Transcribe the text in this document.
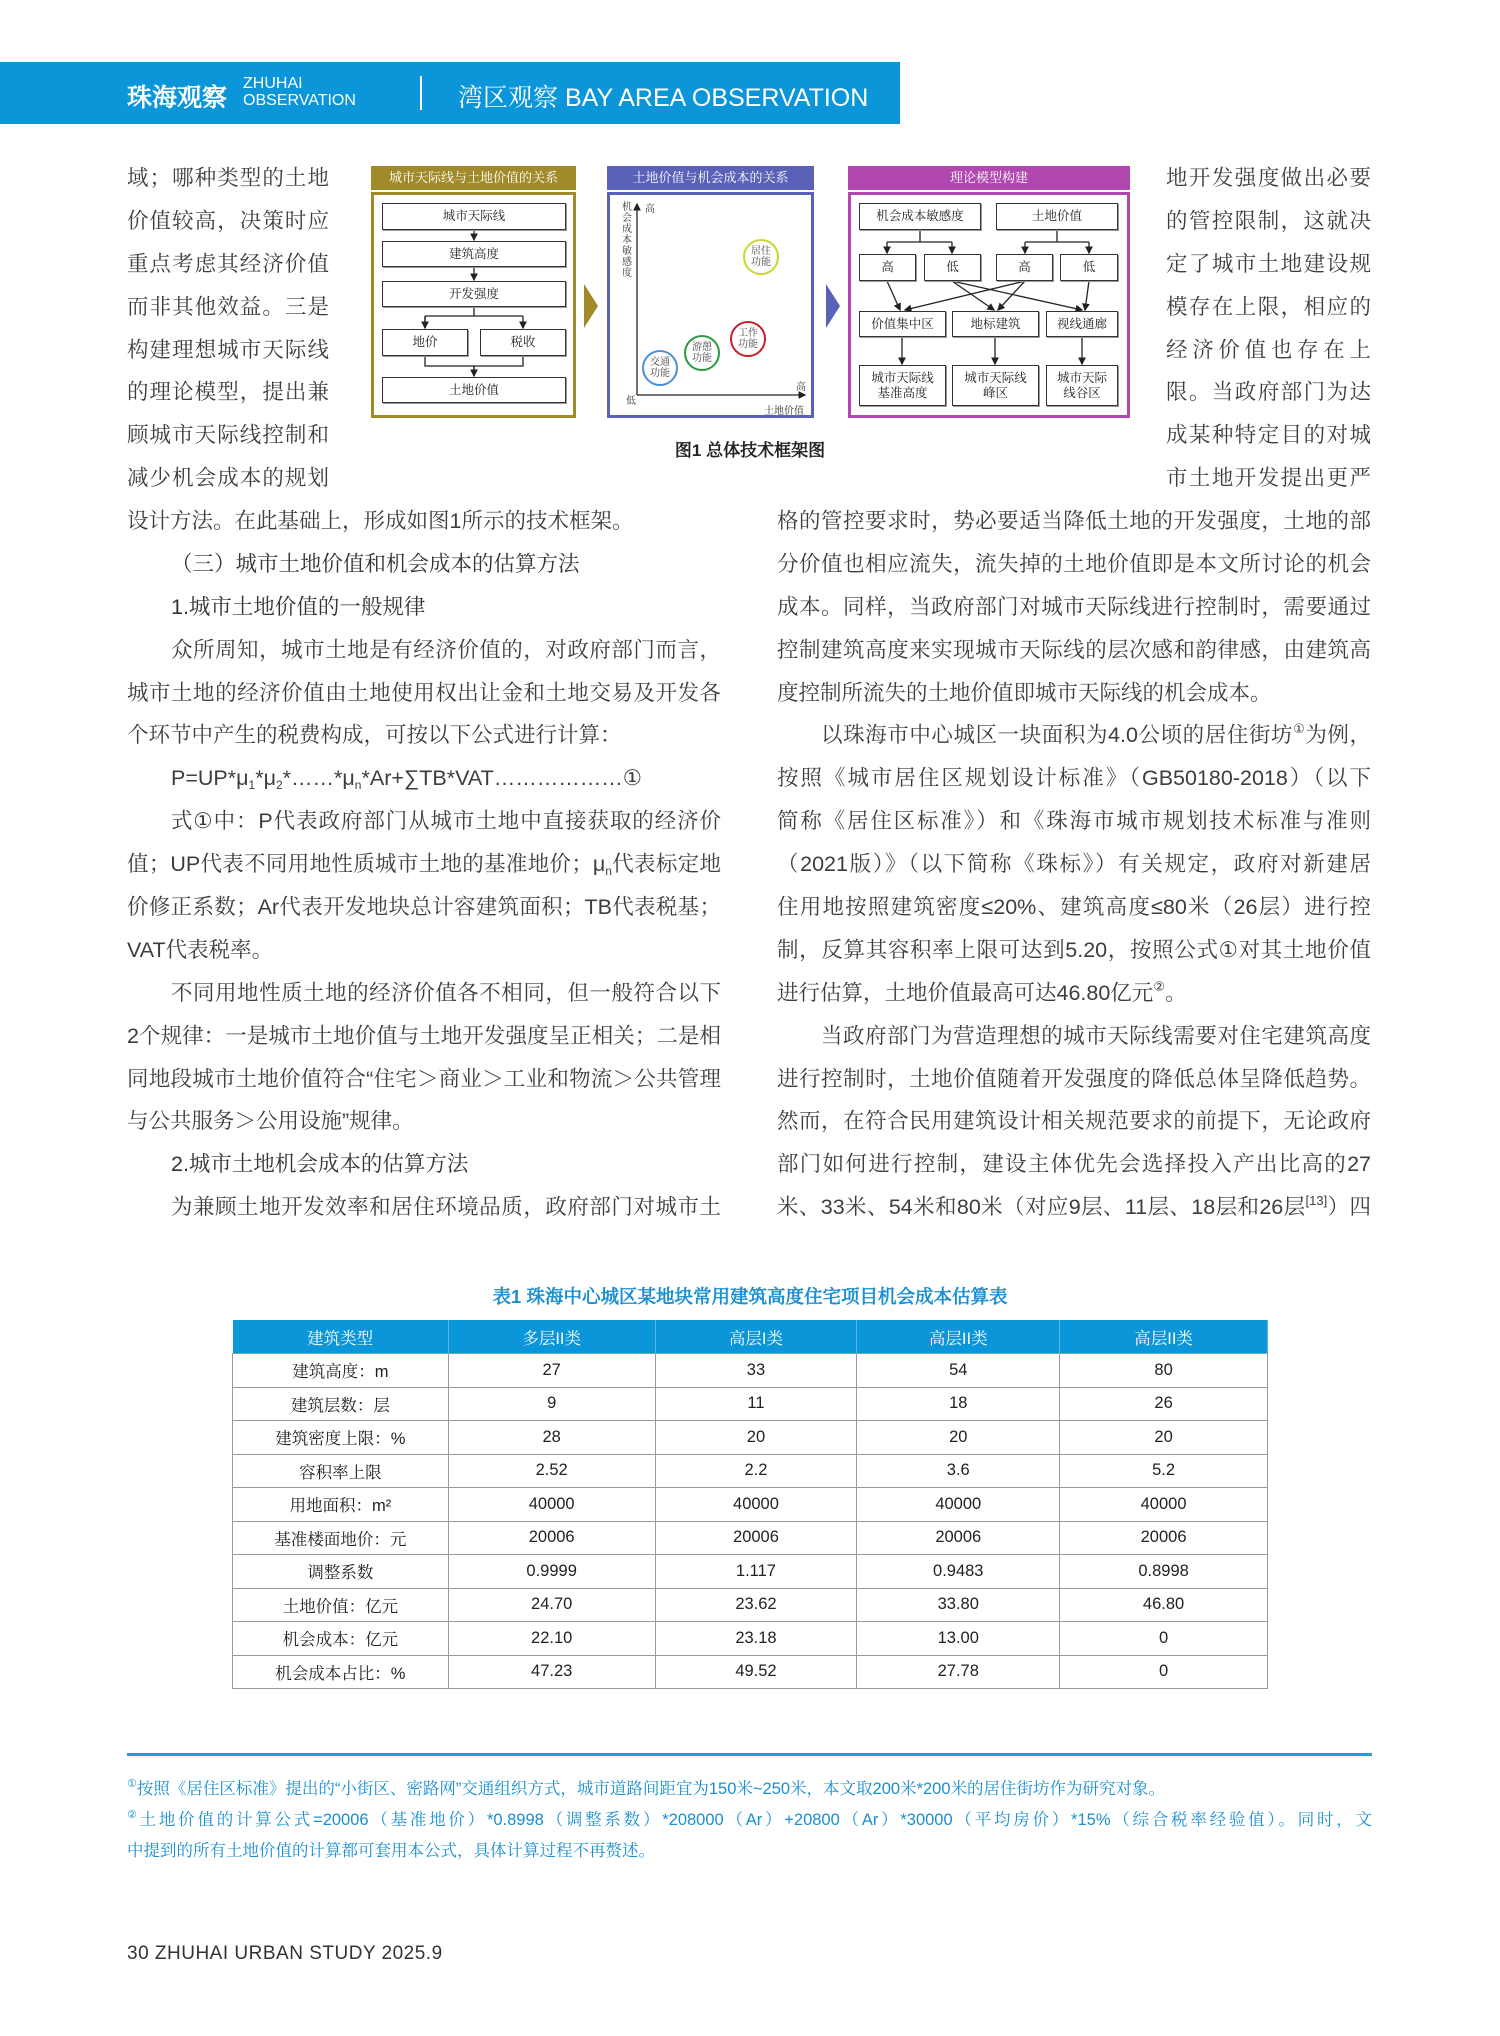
珠海观察
ZHUHAI
OBSERVATION	湾区观察 BAY AREA OBSERVATION
域；哪种类型的土地
价值较高，决策时应
重点考虑其经济价值
而非其他效益。三是
构建理想城市天际线
的理论模型，提出兼
顾城市天际线控制和
减少机会成本的规划
设计方法。在此基础上，形成如图1所示的技术框架。
（三）城市土地价值和机会成本的估算方法
1.城市土地价值的一般规律
众所周知，城市土地是有经济价值的，对政府部门而言，
城市土地的经济价值由土地使用权出让金和土地交易及开发各
个环节中产生的税费构成，可按以下公式进行计算：
$P=UP*\mu_1*\mu_2*\dots\dots*\mu_n*Ar+\sum TB*VAT\dots\dots\dots\dots\dots\dots ①$
式①中：P代表政府部门从城市土地中直接获取的经济价
值；UP代表不同用地性质城市土地的基准地价；$\mu_n$代表标定地
价修正系数；Ar代表开发地块总计容建筑面积；TB代表税基；
VAT代表税率。
不同用地性质土地的经济价值各不相同，但一般符合以下
2个规律：一是城市土地价值与土地开发强度呈正相关；二是相
同地段城市土地价值符合“住宅＞商业＞工业和物流＞公共管理
与公共服务＞公用设施”规律。
2.城市土地机会成本的估算方法
为兼顾土地开发效率和居住环境品质，政府部门对城市土
地开发强度做出必要
的管控限制，这就决
定了城市土地建设规
模存在上限，相应的
经济价值也存在上
限。当政府部门为达
成某种特定目的对城
市土地开发提出更严
格的管控要求时，势必要适当降低土地的开发强度，土地的部
分价值也相应流失，流失掉的土地价值即是本文所讨论的机会
成本。同样，当政府部门对城市天际线进行控制时，需要通过
控制建筑高度来实现城市天际线的层次感和韵律感，由建筑高
度控制所流失的土地价值即城市天际线的机会成本。
以珠海市中心城区一块面积为4.0公顷的居住街坊①为例，
按照《城市居住区规划设计标准》（GB50180-2018）（以下
简称《居住区标准》）和《珠海市城市规划技术标准与准则
（2021版）》（以下简称《珠标》）有关规定，政府对新建居
住用地按照建筑密度≤20%、建筑高度≤80米（26层）进行控
制，反算其容积率上限可达到5.20，按照公式①对其土地价值
进行估算，土地价值最高可达46.80亿元②。
当政府部门为营造理想的城市天际线需要对住宅建筑高度
进行控制时，土地价值随着开发强度的降低总体呈降低趋势。
然而，在符合民用建筑设计相关规范要求的前提下，无论政府
部门如何进行控制，建设主体优先会选择投入产出比高的27
米、33米、54米和80米（对应9层、11层、18层和26层[13]）四
城市天际线与土地价值的关系
城市天际线
建筑高度
开发强度
地价	税收
土地价值
土地价值与机会成本的关系
机会成本敏感度
高
低
高
土地价值
居住功能
工作功能
游憩功能
交通功能
理论模型构建
机会成本敏感度	土地价值
高	低	高	低
价值集中区	地标建筑	视线通廊
城市天际线
基准高度
城市天际线
峰区
城市天际
线谷区
图1 总体技术框架图
表1 珠海中心城区某地块常用建筑高度住宅项目机会成本估算表
建筑类型	多层II类	高层I类	高层II类	高层II类
建筑高度：m	27	33	54	80
建筑层数：层	9	11	18	26
建筑密度上限：%	28	20	20	20
容积率上限	2.52	2.2	3.6	5.2
用地面积：m²	40000	40000	40000	40000
基准楼面地价：元	20006	20006	20006	20006
调整系数	0.9999	1.117	0.9483	0.8998
土地价值：亿元	24.70	23.62	33.80	46.80
机会成本：亿元	22.10	23.18	13.00	0
机会成本占比：%	47.23	49.52	27.78	0
①按照《居住区标准》提出的“小街区、密路网”交通组织方式，城市道路间距宜为150米~250米，本文取200米*200米的居住街坊作为研究对象。
②土地价值的计算公式=20006（基准地价）*0.8998（调整系数）*208000（Ar）+20800（Ar）*30000（平均房价）*15%（综合税率经验值）。同时，文
中提到的所有土地价值的计算都可套用本公式，具体计算过程不再赘述。
30 ZHUHAI URBAN STUDY 2025.9
